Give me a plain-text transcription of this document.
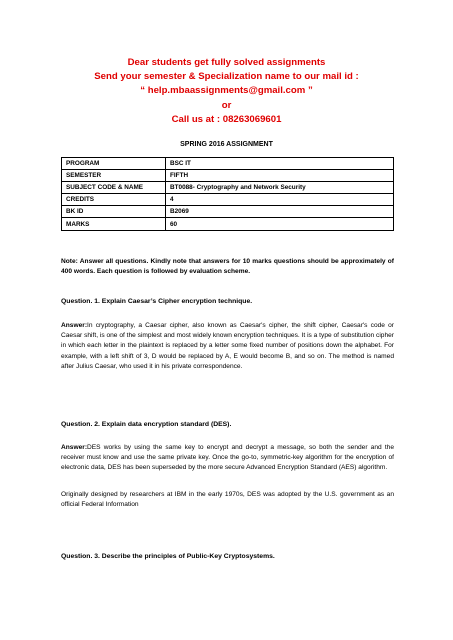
Dear students get fully solved assignments
Send your semester & Specialization name to our mail id :
“ help.mbaassignments@gmail.com ”
or
Call us at : 08263069601
SPRING 2016 ASSIGNMENT
PROGRAM	BSC IT
SEMESTER	FIFTH
SUBJECT CODE & NAME	BT0088- Cryptography and Network Security
CREDITS	4
BK ID	B2069
MARKS	60
Note: Answer all questions. Kindly note that answers for 10 marks questions should be approximately of 400 words. Each question is followed by evaluation scheme.
Question. 1. Explain Caesar’s Cipher encryption technique.
Answer:In cryptography, a Caesar cipher, also known as Caesar's cipher, the shift cipher, Caesar's code or Caesar shift, is one of the simplest and most widely known encryption techniques. It is a type of substitution cipher in which each letter in the plaintext is replaced by a letter some fixed number of positions down the alphabet. For example, with a left shift of 3, D would be replaced by A, E would become B, and so on. The method is named after Julius Caesar, who used it in his private correspondence.
Question. 2. Explain data encryption standard (DES).
Answer:DES works by using the same key to encrypt and decrypt a message, so both the sender and the receiver must know and use the same private key. Once the go-to, symmetric-key algorithm for the encryption of electronic data, DES has been superseded by the more secure Advanced Encryption Standard (AES) algorithm.
Originally designed by researchers at IBM in the early 1970s, DES was adopted by the U.S. government as an official Federal Information
Question. 3. Describe the principles of Public-Key Cryptosystems.
